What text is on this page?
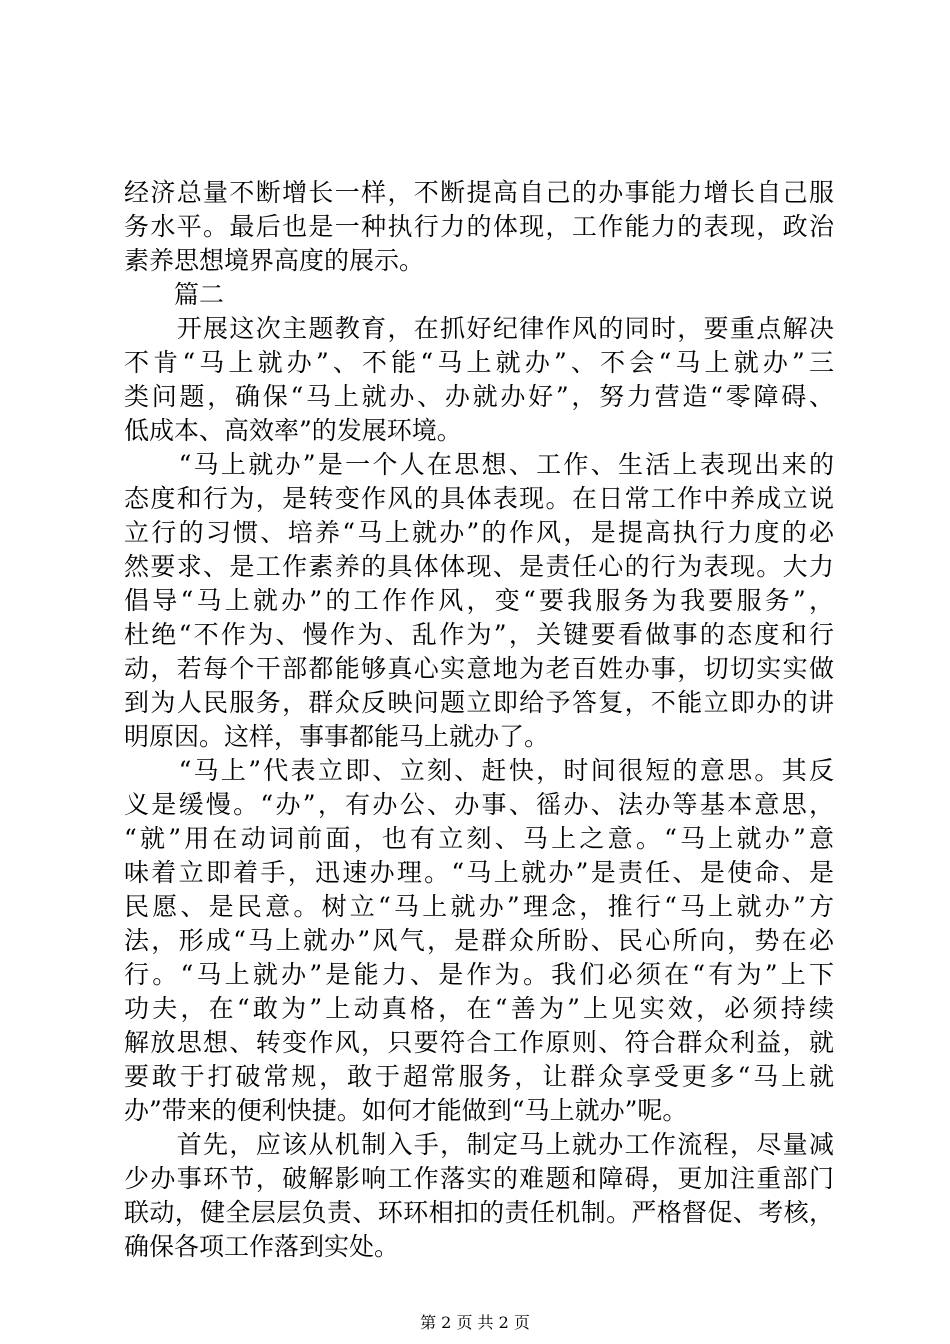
经济总量不断增长一样，不断提高自己的办事能力增长自己服
务水平。最后也是一种执行力的体现，工作能力的表现，政治
素养思想境界高度的展示。
　　篇二
　　开展这次主题教育，在抓好纪律作风的同时，要重点解决
不肯“马上就办”、不能“马上就办”、不会“马上就办”三
类问题，确保“马上就办、办就办好”，努力营造“零障碍、
低成本、高效率”的发展环境。
　　“马上就办”是一个人在思想、工作、生活上表现出来的
态度和行为，是转变作风的具体表现。在日常工作中养成立说
立行的习惯、培养“马上就办”的作风，是提高执行力度的必
然要求、是工作素养的具体体现、是责任心的行为表现。大力
倡导“马上就办”的工作作风，变“要我服务为我要服务”，
杜绝“不作为、慢作为、乱作为”，关键要看做事的态度和行
动，若每个干部都能够真心实意地为老百姓办事，切切实实做
到为人民服务，群众反映问题立即给予答复，不能立即办的讲
明原因。这样，事事都能马上就办了。
　　“马上”代表立即、立刻、赶快，时间很短的意思。其反
义是缓慢。“办”，有办公、办事、徭办、法办等基本意思，
“就”用在动词前面，也有立刻、马上之意。“马上就办”意
味着立即着手，迅速办理。“马上就办”是责任、是使命、是
民愿、是民意。树立“马上就办”理念，推行“马上就办”方
法，形成“马上就办”风气，是群众所盼、民心所向，势在必
行。“马上就办”是能力、是作为。我们必须在“有为”上下
功夫，在“敢为”上动真格，在“善为”上见实效，必须持续
解放思想、转变作风，只要符合工作原则、符合群众利益，就
要敢于打破常规，敢于超常服务，让群众享受更多“马上就
办”带来的便利快捷。如何才能做到“马上就办”呢。
　　首先，应该从机制入手，制定马上就办工作流程，尽量减
少办事环节，破解影响工作落实的难题和障碍，更加注重部门
联动，健全层层负责、环环相扣的责任机制。严格督促、考核，
确保各项工作落到实处。
第 2 页 共 2 页
